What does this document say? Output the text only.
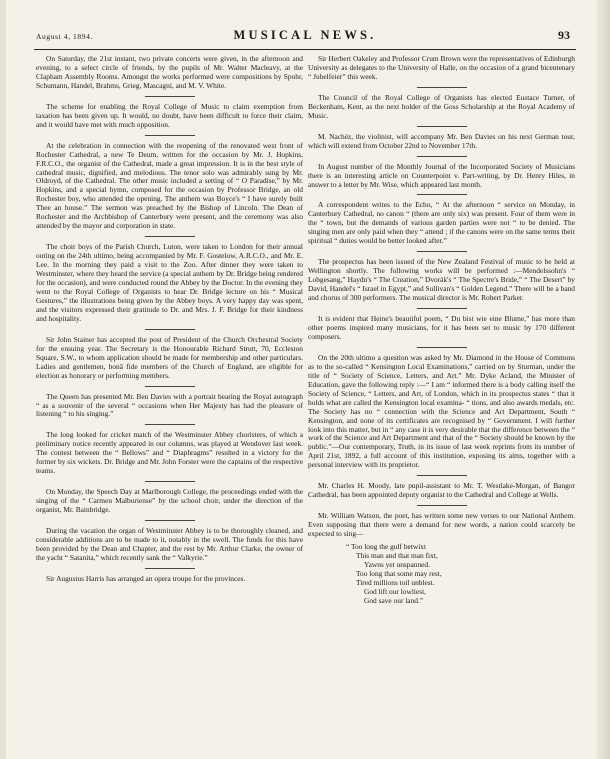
August 4, 1894.	MUSICAL NEWS.	93

On Saturday, the 21st instant, two private concerts were given, in the afternoon and evening, to a select circle of friends, by the pupils of Mr. Walter Macleavy, at the Clapham Assembly Rooms. Amongst the works performed were compositions by Spohr, Schumann, Handel, Brahms, Grieg, Mascagni, and M. V. White.

The scheme for enabling the Royal College of Music to claim exemption from taxation has been given up. It would, no doubt, have been difficult to force their claim, and it would have met with much opposition.

At the celebration in connection with the reopening of the renovated west front of Rochester Cathedral, a new Te Deum, written for the occasion by Mr. J. Hopkins, F.R.C.O., the organist of the Cathedral, made a great impression. It is in the best style of cathedral music, dignified, and melodious. The tenor solo was admirably sung by Mr. Oldroyd, of the Cathedral. The other music included a setting of “ O Paradise,” by Mr. Hopkins, and a special hymn, composed for the occasion by Professor Bridge, an old Rochester boy, who attended the opening. The anthem was Boyce's “ I have surely built Thee an house.” The sermon was preached by the Bishop of Lincoln. The Dean of Rochester and the Archbishop of Canterbury were present, and the ceremony was also attended by the mayor and corporation in state.

The choir boys of the Parish Church, Luton, were taken to London for their annual outing on the 24th ultimo, being accompanied by Mr. F. Gostelow, A.R.C.O., and Mr. E. Lee. In the morning they paid a visit to the Zoo. After dinner they were taken to Westminster, where they heard the service (a special anthem by Dr. Bridge being rendered for the occasion), and were conducted round the Abbey by the Doctor. In the evening they went to the Royal College of Organists to hear Dr. Bridge lecture on his “ Musical Gestures,” the illustrations being given by the Abbey boys. A very happy day was spent, and the visitors expressed their gratitude to Dr. and Mrs. J. F. Bridge for their kindness and hospitality.

Sir John Stainer has accepted the post of President of the Church Orchestral Society for the ensuing year. The Secretary is the Honourable Richard Strutt, 70, Eccleston Square, S.W., to whom application should be made for membership and other particulars. Ladies and gentlemen, bonâ fide members of the Church of England, are eligible for election as honorary or performing members.

The Queen has presented Mr. Ben Davies with a portrait bearing the Royal autograph “ as a souvenir of the several “ occasions when Her Majesty has had the pleasure of listening “ to his singing.”

The long looked for cricket match of the Westminster Abbey choristers, of which a preliminary notice recently appeared in our columns, was played at Wendover last week. The contest between the “ Bellows” and “ Diaphragms” resulted in a victory for the former by six wickets. Dr. Bridge and Mr. John Forster were the captains of the respective teams.

On Monday, the Speech Day at Marlborough College, the proceedings ended with the singing of the “ Carmen Malburiense” by the school choir, under the direction of the organist, Mr. Bainbridge.

During the vacation the organ of Westminster Abbey is to be thoroughly cleaned, and considerable additions are to be made to it, notably in the swell. The funds for this have been provided by the Dean and Chapter, and the rest by Mr. Arthur Clarke, the owner of the yacht “ Satanita,” which recently sank the “ Valkyrie.”

Sir Augustus Harris has arranged an opera troupe for the provinces.

Sir Herbert Oakeley and Professor Crum Brown were the representatives of Edinburgh University as delegates to the University of Halle, on the occasion of a grand bicentenary “ Jubelfeier” this week.

The Council of the Royal College of Organists has elected Eustace Turner, of Beckenham, Kent, as the next holder of the Goss Scholarship at the Royal Academy of Music.

M. Nachéz, the violinist, will accompany Mr. Ben Davies on his next German tour, which will extend from October 22nd to November 17th.

In August number of the Monthly Journal of the Incorporated Society of Musicians there is an interesting article on Counterpoint v. Part-writing, by Dr. Henry Hiles, in answer to a letter by Mr. Wise, which appeared last month.

A correspondent writes to the Echo, “ At the afternoon “ service on Monday, in Canterbury Cathedral, no canon “ (there are only six) was present. Four of them were in the “ town, but the demands of various garden parties were not “ to be denied. The singing men are only paid when they “ attend ; if the canons were on the same terms their spiritual “ duties would be better looked after.”

The prospectus has been issued of the New Zealand Festival of music to be held at Wellington shortly. The following works will be performed :—Mendelssohn's “ Lobgesang,” Haydn's “ The Creation,” Dvorák's “ The Spectre's Bride,” “ The Desert” by David, Handel's “ Israel in Egypt,” and Sullivan's “ Golden Legend.” There will be a band and chorus of 300 performers. The musical director is Mr. Robert Parker.

It is evident that Heine's beautiful poem, “ Du bist wie eine Blume,” has more than other poems inspired many musicians, for it has been set to music by 170 different composers.

On the 20th ultimo a question was asked by Mr. Diamond in the House of Commons as to the so-called “ Kensington Local Examinations,” carried on by Sturman, under the title of “ Society of Science, Letters, and Art.” Mr. Dyke Acland, the Minister of Education, gave the following reply :—“ I am “ informed there is a body calling itself the Society of Science, “ Letters, and Art, of London, which in its prospectus states “ that it holds what are called the Kensington local examina- “ tions, and also awards medals, etc. The Society has no “ connection with the Science and Art Department, South “ Kensington, and none of its certificates are recognised by “ Government. I will further look into this matter, but in “ any case it is very desirable that the difference between the “ work of the Science and Art Department and that of the “ Society should be known by the public.”—Our contemporary, Truth, in its issue of last week reprints from its number of April 21st, 1892, a full account of this institution, exposing its aims, together with a personal interview with its proprietor.

Mr. Charles H. Moody, late pupil-assistant to Mr. T. Westlake-Morgan, of Bangor Cathedral, has been appointed deputy organist to the Cathedral and College at Wells.

Mr. William Watson, the poet, has written some new verses to our National Anthem. Even supposing that there were a demand for new words, a nation could scarcely be expected to sing—

“ Too long the gulf betwixt
This man and that man fixt,
Yawns yet unspanned.
Too long that some may rest,
Tired millions toil unblest.
God lift our lowliest,
God save our land.”
